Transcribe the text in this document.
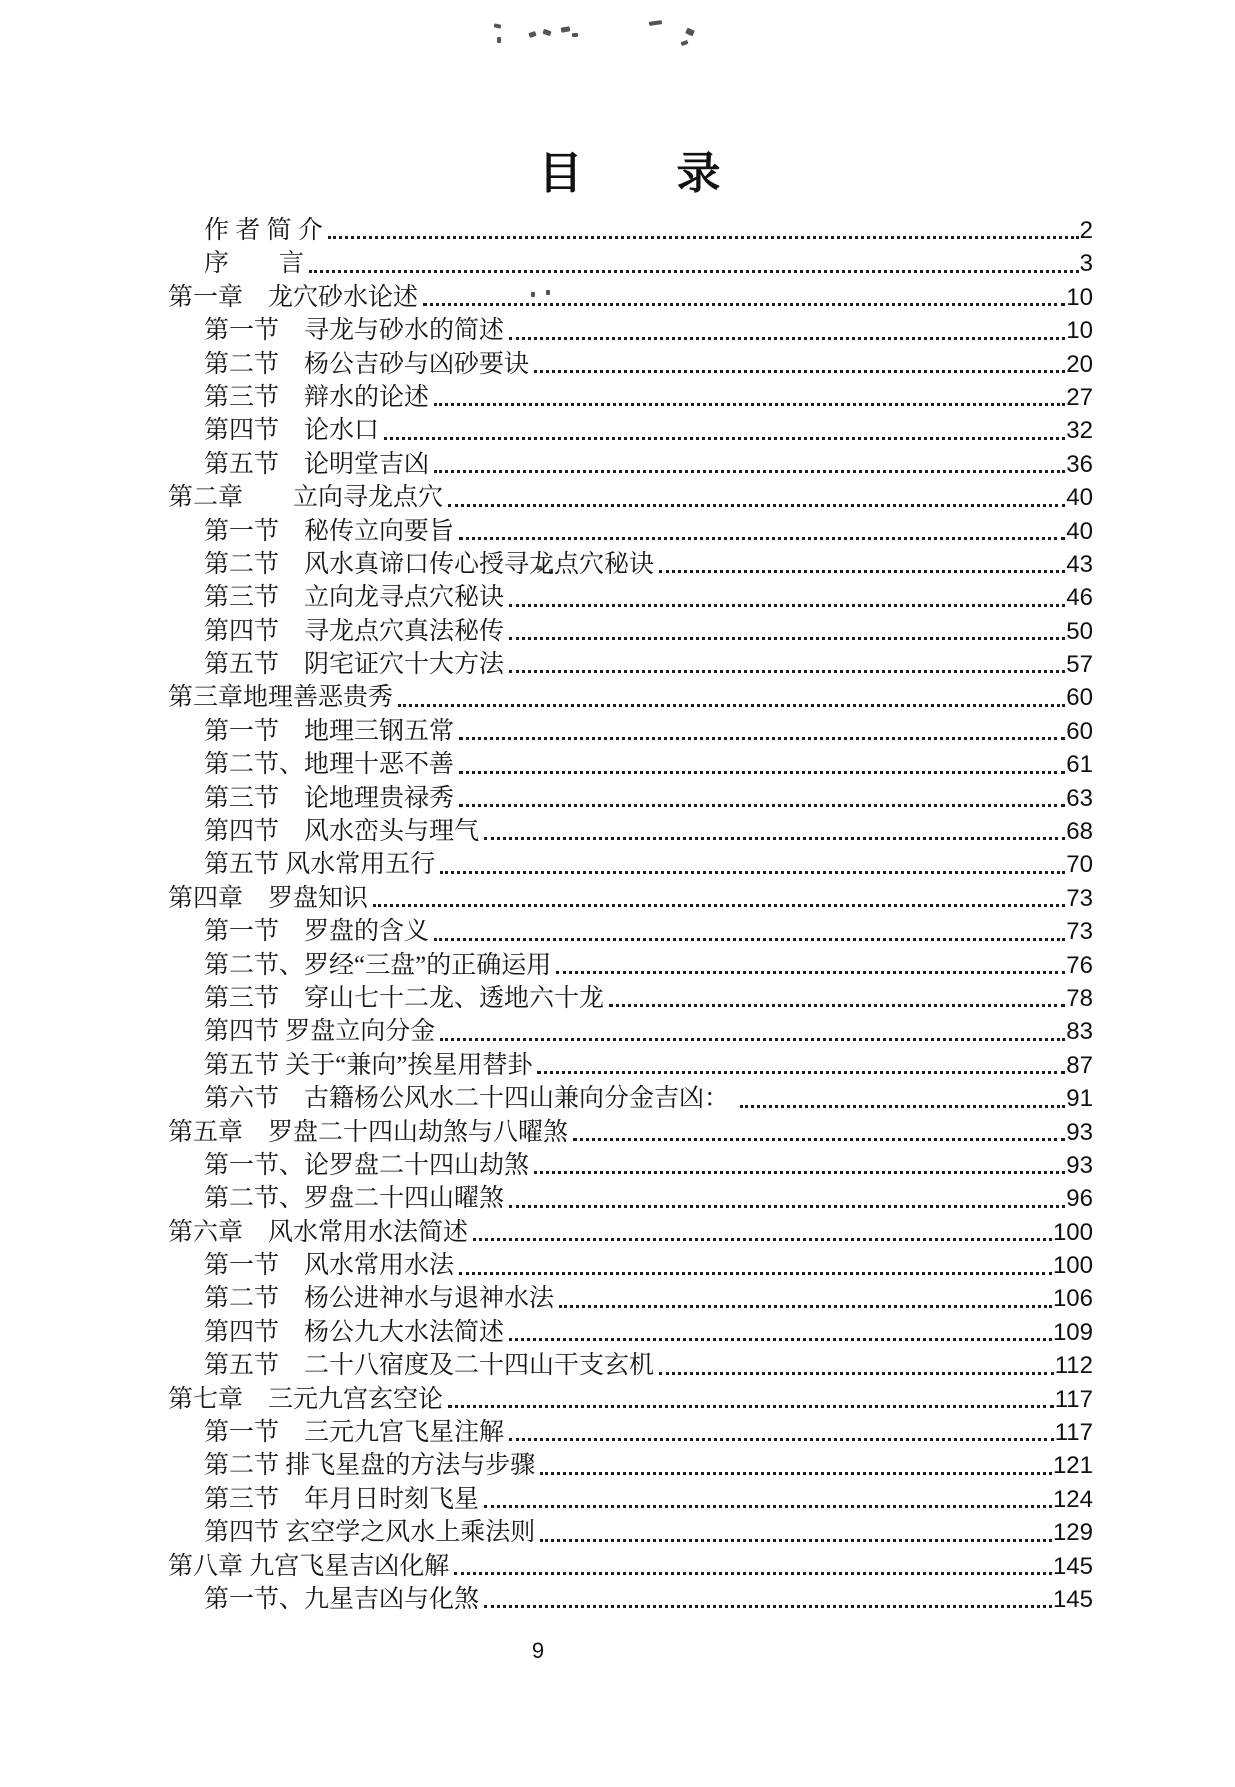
目　　录
作 者 简 介	2
序　　言	3
第一章　龙穴砂水论述	10
第一节　寻龙与砂水的简述	10
第二节　杨公吉砂与凶砂要诀	20
第三节　辩水的论述	27
第四节　论水口	32
第五节　论明堂吉凶	36
第二章　　立向寻龙点穴	40
第一节　秘传立向要旨	40
第二节　风水真谛口传心授寻龙点穴秘诀	43
第三节　立向龙寻点穴秘诀	46
第四节　寻龙点穴真法秘传	50
第五节　阴宅证穴十大方法	57
第三章地理善恶贵秀	60
第一节　地理三钢五常	60
第二节、地理十恶不善	61
第三节　论地理贵禄秀	63
第四节　风水峦头与理气	68
第五节 风水常用五行	70
第四章　罗盘知识	73
第一节　罗盘的含义	73
第二节、罗经“三盘”的正确运用	76
第三节　穿山七十二龙、透地六十龙	78
第四节 罗盘立向分金	83
第五节 关于“兼向”挨星用替卦	87
第六节　古籍杨公风水二十四山兼向分金吉凶：	91
第五章　罗盘二十四山劫煞与八曜煞	93
第一节、论罗盘二十四山劫煞	93
第二节、罗盘二十四山曜煞	96
第六章　风水常用水法简述	100
第一节　风水常用水法	100
第二节　杨公进神水与退神水法	106
第四节　杨公九大水法简述	109
第五节　二十八宿度及二十四山干支玄机	112
第七章　三元九宫玄空论	117
第一节　三元九宫飞星注解	117
第二节 排飞星盘的方法与步骤	121
第三节　年月日时刻飞星	124
第四节 玄空学之风水上乘法则	129
第八章 九宫飞星吉凶化解	145
第一节、九星吉凶与化煞	145
9
